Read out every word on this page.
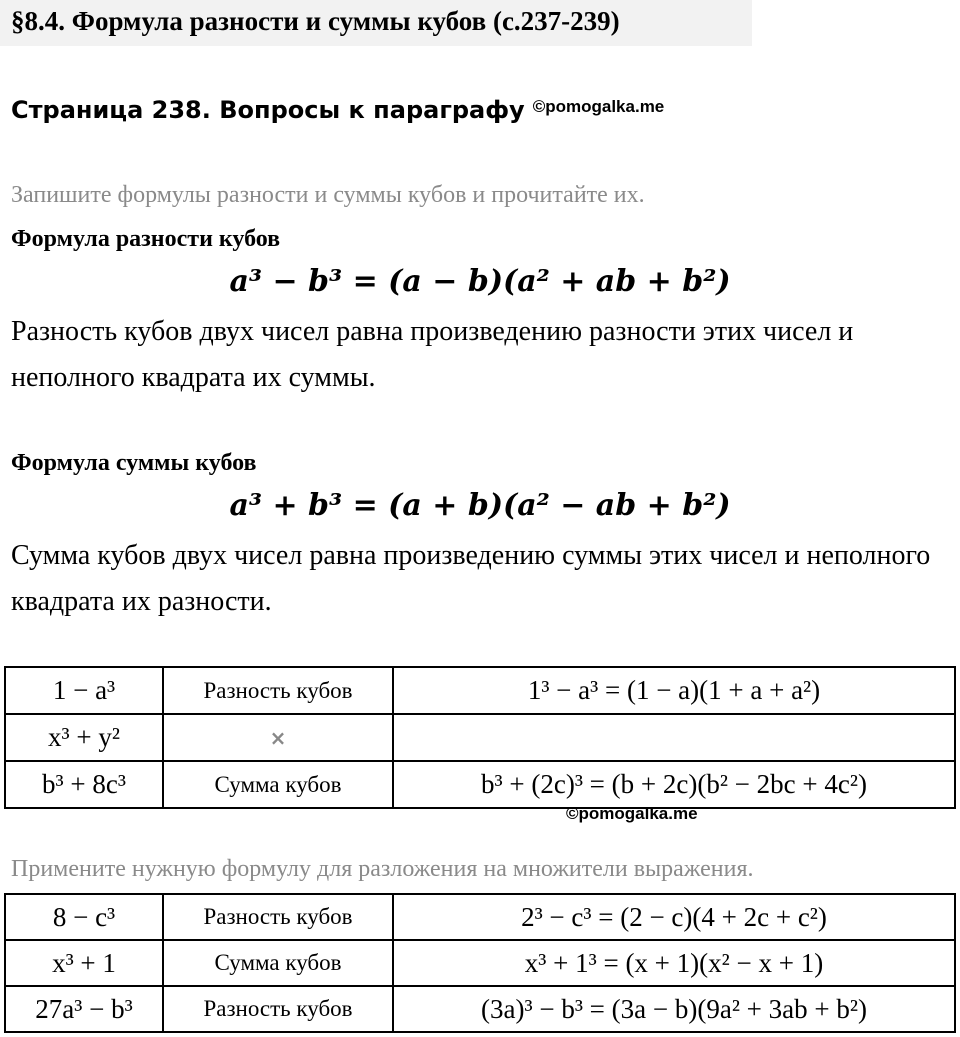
§8.4. Формула разности и суммы кубов (с.237-239)
Страница 238. Вопросы к параграфу ©pomogalka.me
Запишите формулы разности и суммы кубов и прочитайте их.
Формула разности кубов
a³ − b³ = (a − b)(a² + ab + b²)
Разность кубов двух чисел равна произведению разности этих чисел и неполного квадрата их суммы.
Формула суммы кубов
a³ + b³ = (a + b)(a² − ab + b²)
Сумма кубов двух чисел равна произведению суммы этих чисел и неполного квадрата их разности.
1 − a³	Разность кубов	1³ − a³ = (1 − a)(1 + a + a²)
x³ + y²	×	
b³ + 8c³	Сумма кубов	b³ + (2c)³ = (b + 2c)(b² − 2bc + 4c²)
©pomogalka.me
Примените нужную формулу для разложения на множители выражения.
8 − c³	Разность кубов	2³ − c³ = (2 − c)(4 + 2c + c²)
x³ + 1	Сумма кубов	x³ + 1³ = (x + 1)(x² − x + 1)
27a³ − b³	Разность кубов	(3a)³ − b³ = (3a − b)(9a² + 3ab + b²)
